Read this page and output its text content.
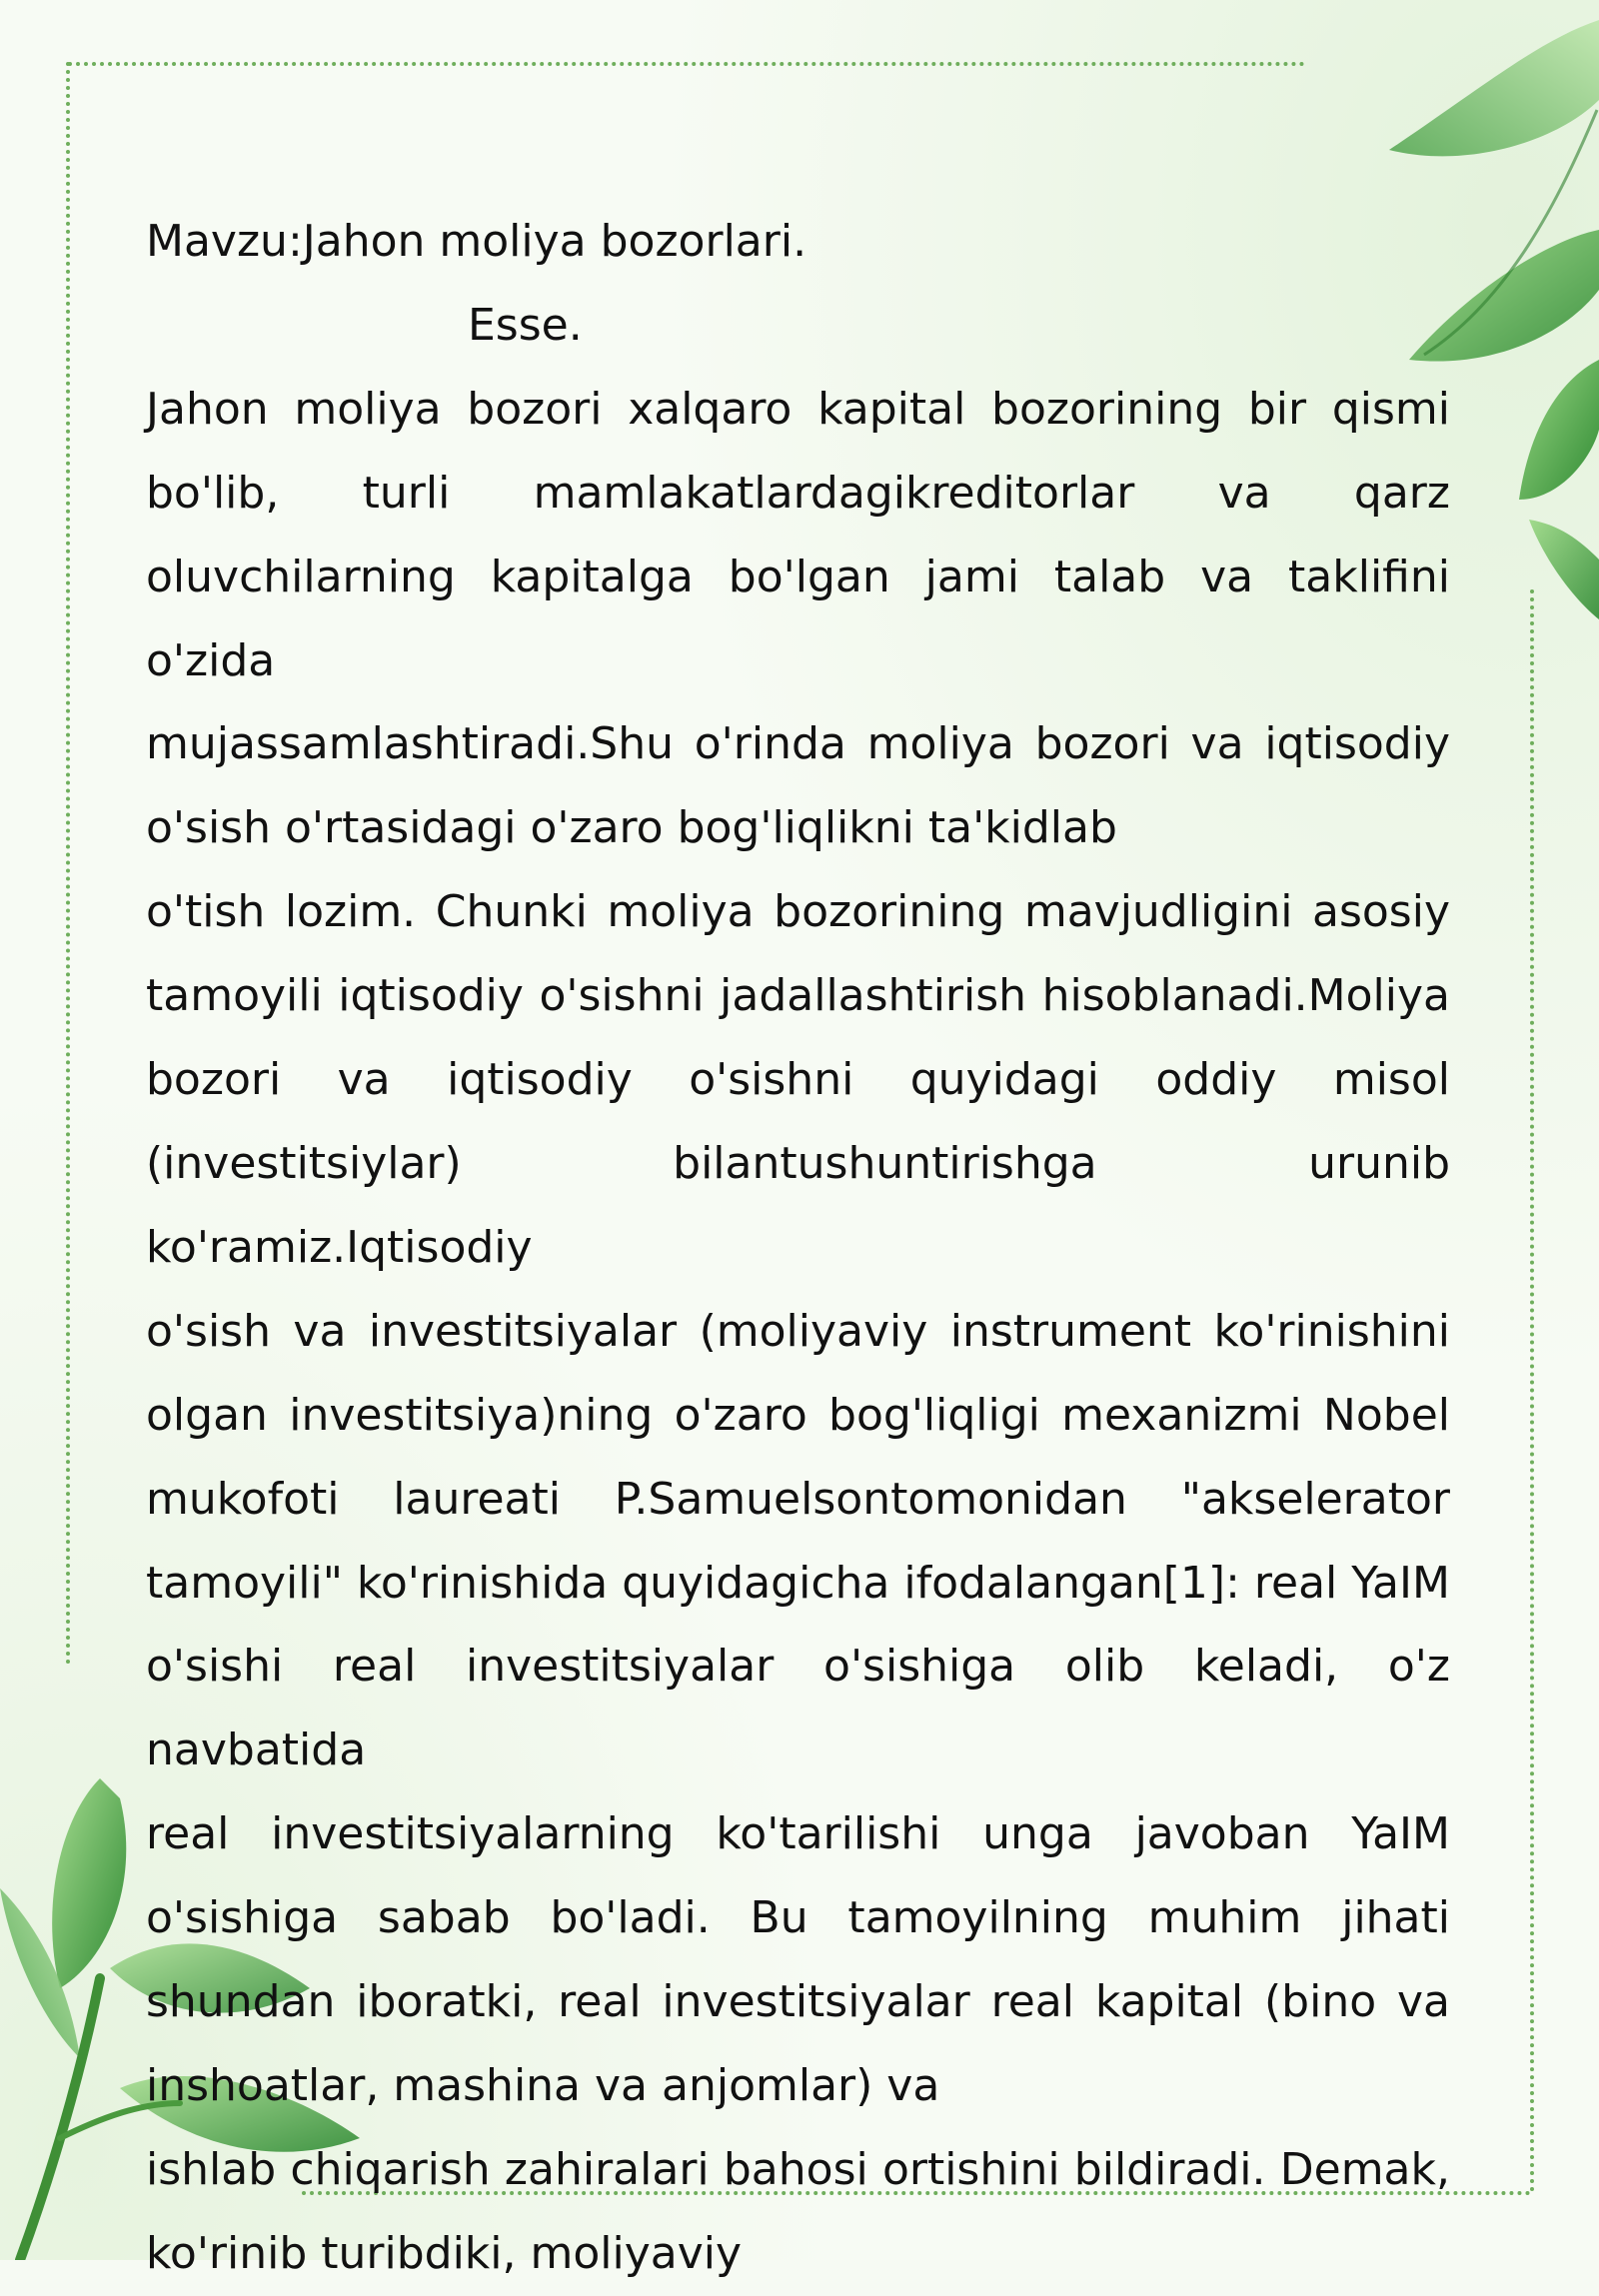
Mavzu:Jahon moliya bozorlari.
Esse.
Jahon moliya bozori xalqaro kapital bozorining bir qismi
bo'lib, turli mamlakatlardagikreditorlar va qarz
oluvchilarning kapitalga bo'lgan jami talab va taklifini o'zida
mujassamlashtiradi.Shu o'rinda moliya bozori va iqtisodiy
o'sish o'rtasidagi o'zaro bog'liqlikni ta'kidlab
o'tish lozim. Chunki moliya bozorining mavjudligini asosiy
tamoyili iqtisodiy o'sishni jadallashtirish hisoblanadi.Moliya
bozori va iqtisodiy o'sishni quyidagi oddiy misol
(investitsiylar) bilantushuntirishga urunib ko'ramiz.Iqtisodiy
o'sish va investitsiyalar (moliyaviy instrument ko'rinishini
olgan investitsiya)ning o'zaro bog'liqligi mexanizmi Nobel
mukofoti laureati P.Samuelsontomonidan "akselerator
tamoyili" ko'rinishida quyidagicha ifodalangan[1]: real YaIM
o'sishi real investitsiyalar o'sishiga olib keladi, o'z navbatida
real investitsiyalarning ko'tarilishi unga javoban YaIM
o'sishiga sabab bo'ladi. Bu tamoyilning muhim jihati
shundan iboratki, real investitsiyalar real kapital (bino va
inshoatlar, mashina va anjomlar) va
ishlab chiqarish zahiralari bahosi ortishini bildiradi. Demak,
ko'rinib turibdiki, moliyaviy
